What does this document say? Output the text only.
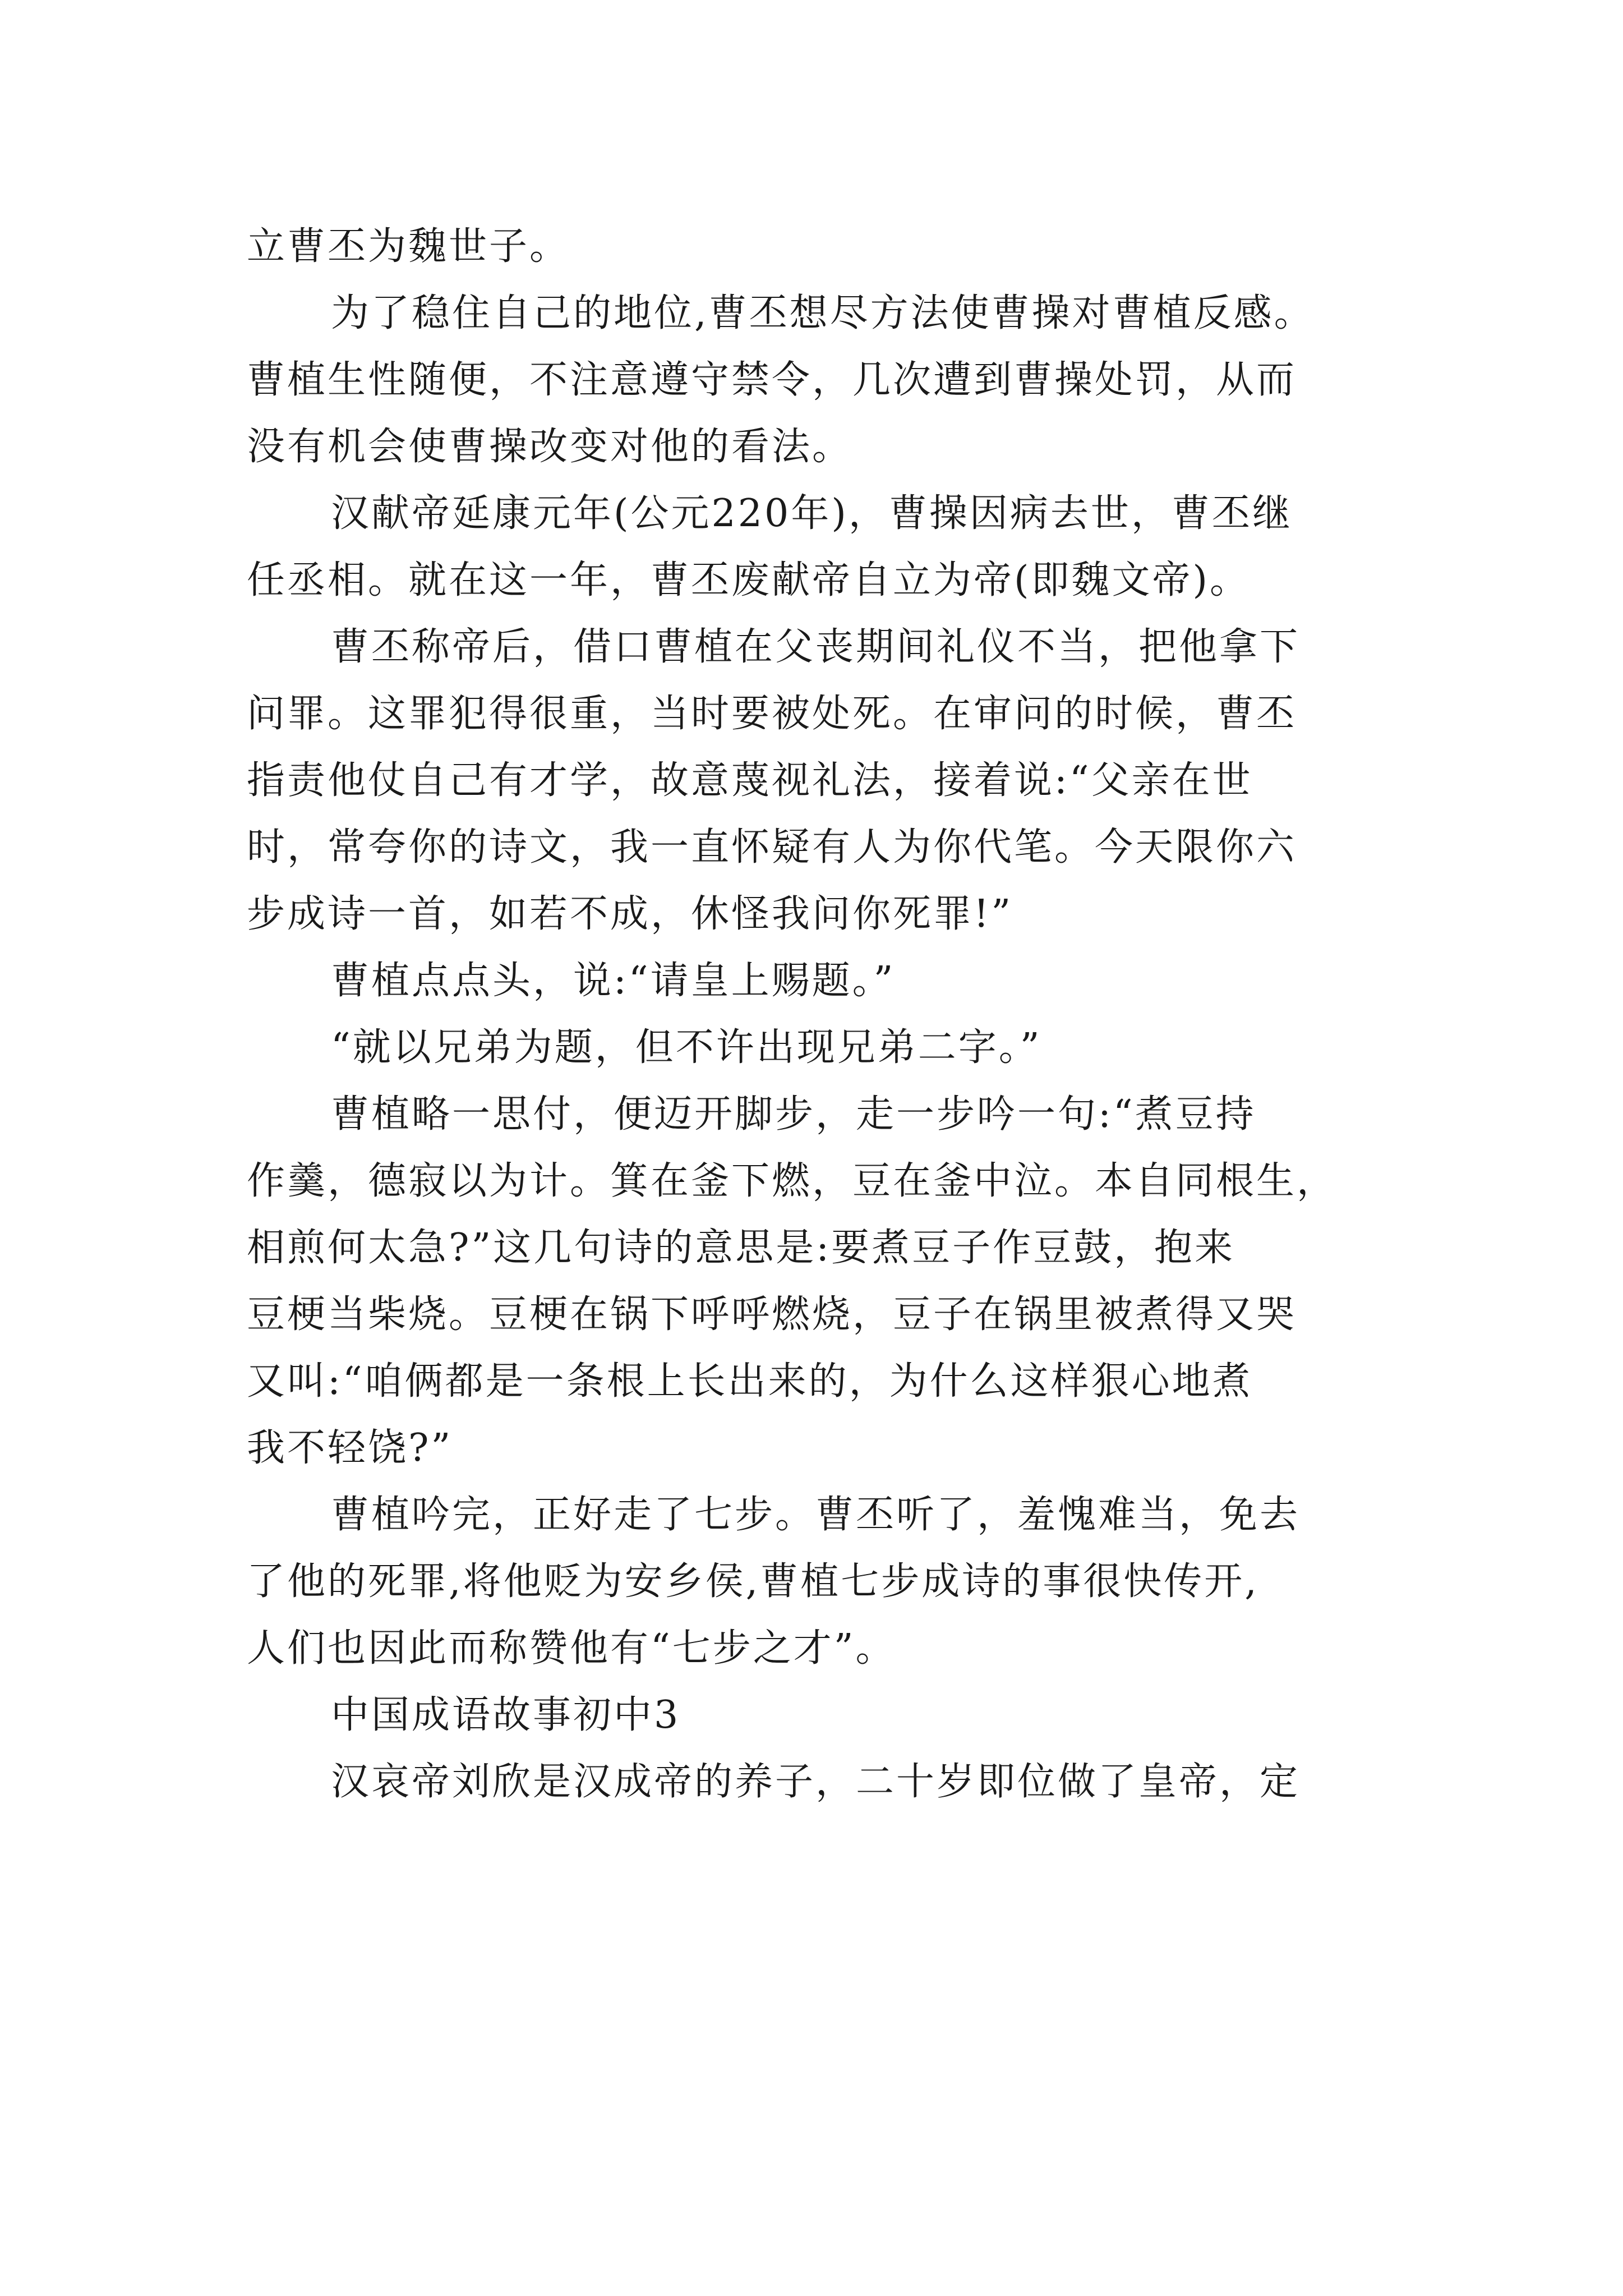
立曹丕为魏世子。
为了稳住自己的地位,曹丕想尽方法使曹操对曹植反感。
曹植生性随便，不注意遵守禁令，几次遭到曹操处罚，从而
没有机会使曹操改变对他的看法。
汉献帝延康元年(公元220年)，曹操因病去世，曹丕继
任丞相。就在这一年，曹丕废献帝自立为帝(即魏文帝)。
曹丕称帝后，借口曹植在父丧期间礼仪不当，把他拿下
问罪。这罪犯得很重，当时要被处死。在审问的时候，曹丕
指责他仗自己有才学，故意蔑视礼法，接着说:“父亲在世
时，常夸你的诗文，我一直怀疑有人为你代笔。今天限你六
步成诗一首，如若不成，休怪我问你死罪!”
曹植点点头，说:“请皇上赐题。”
“就以兄弟为题，但不许出现兄弟二字。”
曹植略一思付，便迈开脚步，走一步吟一句:“煮豆持
作羹，德寂以为计。箕在釜下燃，豆在釜中泣。本自同根生，
相煎何太急?”这几句诗的意思是:要煮豆子作豆鼓，抱来
豆梗当柴烧。豆梗在锅下呼呼燃烧，豆子在锅里被煮得又哭
又叫:“咱俩都是一条根上长出来的，为什么这样狠心地煮
我不轻饶?”
曹植吟完，正好走了七步。曹丕听了，羞愧难当，免去
了他的死罪,将他贬为安乡侯,曹植七步成诗的事很快传开,
人们也因此而称赞他有“七步之才”。
中国成语故事初中3
汉哀帝刘欣是汉成帝的养子，二十岁即位做了皇帝，定
